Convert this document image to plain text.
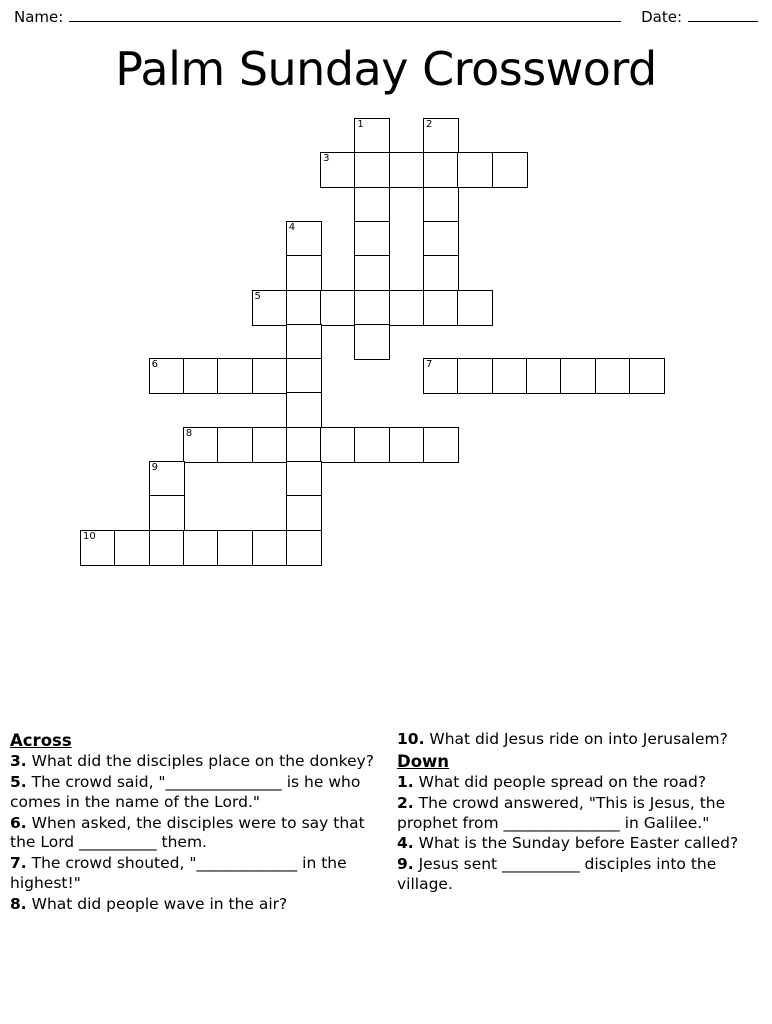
Name:	Date:
Palm Sunday Crossword
1	2
3
4
5
6	7
8
9
10
Across
3. What did the disciples place on the donkey?
5. The crowd said, "_______________ is he who comes in the name of the Lord."
6. When asked, the disciples were to say that the Lord __________ them.
7. The crowd shouted, "_____________ in the highest!"
8. What did people wave in the air?
10. What did Jesus ride on into Jerusalem?
Down
1. What did people spread on the road?
2. The crowd answered, "This is Jesus, the prophet from _______________ in Galilee."
4. What is the Sunday before Easter called?
9. Jesus sent __________ disciples into the village.
